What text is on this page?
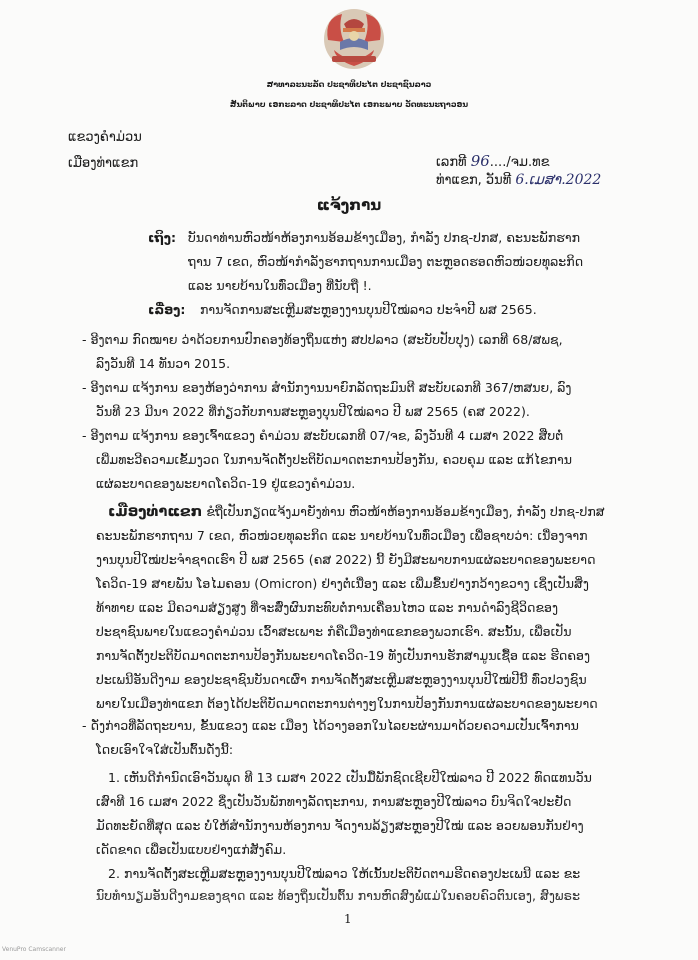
ສາທາລະນະລັດ ປະຊາທິປະໄຕ ປະຊາຊົນລາວ
ສັນຕິພາບ ເອກະລາດ ປະຊາທິປະໄຕ ເອກະພາບ ວັດທະນະຖາວອນ
ແຂວງຄຳມ່ວນ
ເມືອງທ່າແຂກ	ເລກທີ 96..../ຈມ.ທຂ
ທ່າແຂກ, ວັນທີ 6.ເມສາ.2022
ແຈ້ງການ
ເຖິງ: ບັນດາທ່ານຫົວໜ້າຫ້ອງການອ້ອມຂ້າງເມືອງ, ກຳລັງ ປກຊ-ປກສ, ຄະນະພັກຮາກ
ຖານ 7 ເຂດ, ຫົວໜ້າກຳລັງຮາກຖານການເມືອງ ຕະຫຼອດຮອດຫົວໜ່ວຍທຸລະກິດ
ແລະ ນາຍບ້ານໃນທົ່ວເມືອງ ທີ່ນັບຖື !.
ເລື່ອງ: ການຈັດການສະເຫຼີມສະຫຼອງງານບຸນປີໃໝ່ລາວ ປະຈຳປີ ພສ 2565.
- ອີງຕາມ ກົດໝາຍ ວ່າດ້ວຍການປົກຄອງທ້ອງຖິ່ນແຫ່ງ ສປປລາວ (ສະບັບປັບປຸງ) ເລກທີ 68/ສພຊ,
ລົງວັນທີ 14 ທັນວາ 2015.
- ອີງຕາມ ແຈ້ງການ ຂອງຫ້ອງວ່າການ ສຳນັກງານນາຍົກລັດຖະມົນຕີ ສະບັບເລກທີ 367/ຫສນຍ, ລົງ
ວັນທີ 23 ມີນາ 2022 ທີ່ກ່ຽວກັບການສະຫຼອງບຸນປີໃໝ່ລາວ ປີ ພສ 2565 (ຄສ 2022).
- ອີງຕາມ ແຈ້ງການ ຂອງເຈົ້າແຂວງ ຄຳມ່ວນ ສະບັບເລກທີ 07/ຈຂ, ລົງວັນທີ 4 ເມສາ 2022 ສືບຕໍ່
ເພີ່ມທະວີຄວາມເຂັ້ມງວດ ໃນການຈັດຕັ້ງປະຕິບັດມາດຕະການປ້ອງກັນ, ຄວບຄຸມ ແລະ ແກ້ໄຂການ
ແຜ່ລະບາດຂອງພະຍາດໂຄວິດ-19 ຢູ່ແຂວງຄຳມ່ວນ.
ເມືອງທ່າແຂກ ຂໍຖືເປັນກຽດແຈ້ງມາຍັງທ່ານ ຫົວໜ້າຫ້ອງການອ້ອມຂ້າງເມືອງ, ກຳລັງ ປກຊ-ປກສ
ຄະນະພັກຮາກຖານ 7 ເຂດ, ຫົວໜ່ວຍທຸລະກິດ ແລະ ນາຍບ້ານໃນທົ່ວເມືອງ ເພື່ອຊາບວ່າ: ເນື່ອງຈາກ
ງານບຸນປີໃໝ່ປະຈຳຊາດເຮົາ ປີ ພສ 2565 (ຄສ 2022) ນີ້ ຍັງມີສະພາບການແຜ່ລະບາດຂອງພະຍາດ
ໂຄວິດ-19 ສາຍພັນ ໂອໄມຄອນ (Omicron) ຢ່າງຕໍ່ເນື່ອງ ແລະ ເພີ່ມຂຶ້ນຢ່າງກວ້າງຂວາງ ເຊິ່ງເປັນສິ່ງ
ທ້າທາຍ ແລະ ມີຄວາມສ່ຽງສູງ ທີ່ຈະສົ່ງຜົນກະທົບຕໍ່ການເຄື່ອນໄຫວ ແລະ ການດຳລົງຊີວິດຂອງ
ປະຊາຊົນພາຍໃນແຂວງຄຳມ່ວນ ເວົ້າສະເພາະ ກໍຄືເມືອງທ່າແຂກຂອງພວກເຮົາ. ສະນັ້ນ, ເພື່ອເປັນ
ການຈັດຕັ້ງປະຕິບັດມາດຕະການປ້ອງກັນພະຍາດໂຄວິດ-19 ທັງເປັນການຮັກສາມູນເຊື້ອ ແລະ ຮີດຄອງ
ປະເພນີອັນດີງາມ ຂອງປະຊາຊົນບັນດາເຜົ່າ ການຈັດຕັ້ງສະເຫຼີມສະຫຼອງງານບຸນປີໃໝ່ປີນີ້ ທົ່ວປວງຊົນ
ພາຍໃນເມືອງທ່າແຂກ ຕ້ອງໄດ້ປະຕິບັດມາດຕະການຕ່າງໆໃນການປ້ອງກັນການແຜ່ລະບາດຂອງພະຍາດ
- ດັ່ງກ່າວທີ່ລັດຖະບານ, ຂັ້ນແຂວງ ແລະ ເມືອງ ໄດ້ວາງອອກໃນໄລຍະຜ່ານມາດ້ວຍຄວາມເປັນເຈົ້າການ
ໂດຍເອົາໃຈໃສ່ເປັນຕົ້ນດັ່ງນີ້:
1. ເຫັນດີກຳນົດເອົາວັນພຸດ ທີ 13 ເມສາ 2022 ເປັນມື້ພັກຊົດເຊີຍປີໃໝ່ລາວ ປີ 2022 ທົດແທນວັນ
ເສົາທີ 16 ເມສາ 2022 ຊຶ່ງເປັນວັນພັກທາງລັດຖະການ, ການສະຫຼອງປີໃໝ່ລາວ ບົນຈິດໃຈປະຢັດ
ມັດທະຍັດທີ່ສຸດ ແລະ ບໍ່ໃຫ້ສຳນັກງານຫ້ອງການ ຈັດງານລ້ຽງສະຫຼອງປີໃໝ່ ແລະ ອວຍພອນກັນຢ່າງ
ເດັດຂາດ ເພື່ອເປັນແບບຢ່າງແກ່ສັງຄົມ.
2. ການຈັດຕັ້ງສະເຫຼີມສະຫຼອງງານບຸນປີໃໝ່ລາວ ໃຫ້ເນັ້ນປະຕິບັດຕາມຮີດຄອງປະເພນີ ແລະ ຂະ
ນົບທຳນຽມອັນດີງາມຂອງຊາດ ແລະ ທ້ອງຖິ່ນເປັນຕົ້ນ ການຫົດສົງພໍ່ແມ່ໃນຄອບຄົວຕົນເອງ, ສົງພຣະ
1
VenuPro Camscanner
